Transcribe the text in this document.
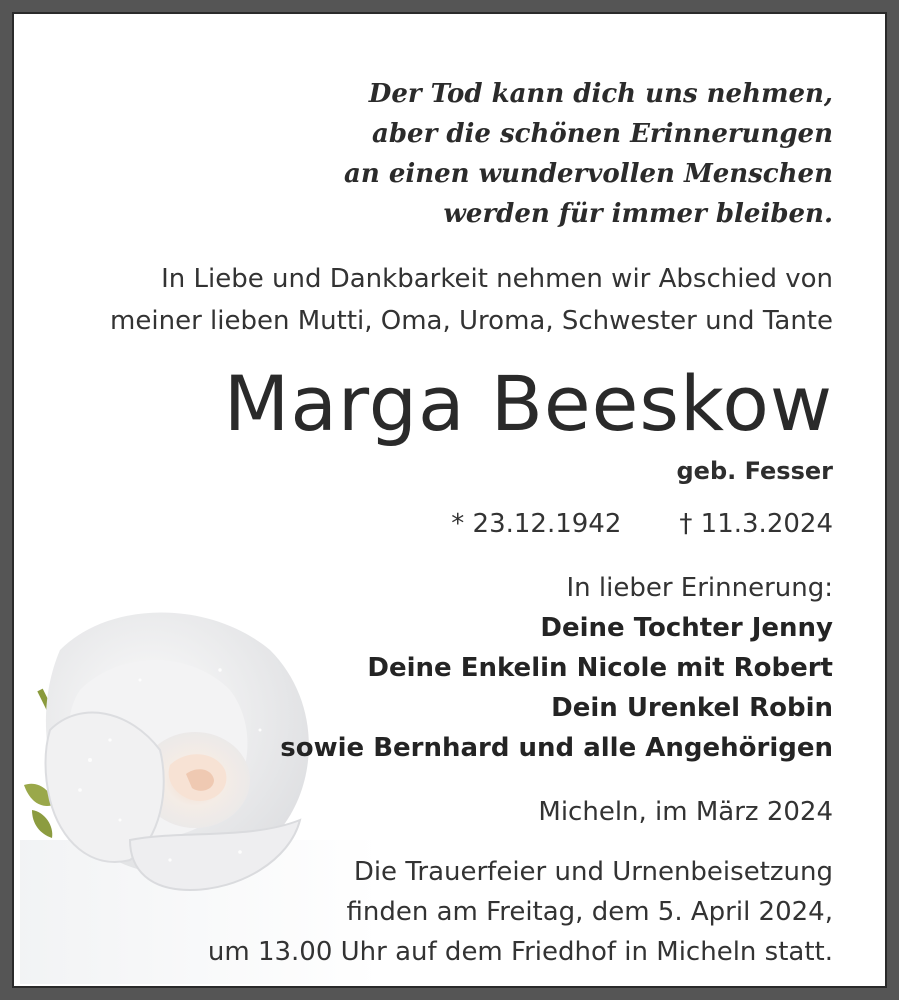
Der Tod kann dich uns nehmen,
aber die schönen Erinnerungen
an einen wundervollen Menschen
werden für immer bleiben.
In Liebe und Dankbarkeit nehmen wir Abschied von
meiner lieben Mutti, Oma, Uroma, Schwester und Tante
Marga Beeskow
geb. Fesser
* 23.12.1942 † 11.3.2024
In lieber Erinnerung:
Deine Tochter Jenny
Deine Enkelin Nicole mit Robert
Dein Urenkel Robin
sowie Bernhard und alle Angehörigen
Micheln, im März 2024
Die Trauerfeier und Urnenbeisetzung
finden am Freitag, dem 5. April 2024,
um 13.00 Uhr auf dem Friedhof in Micheln statt.
